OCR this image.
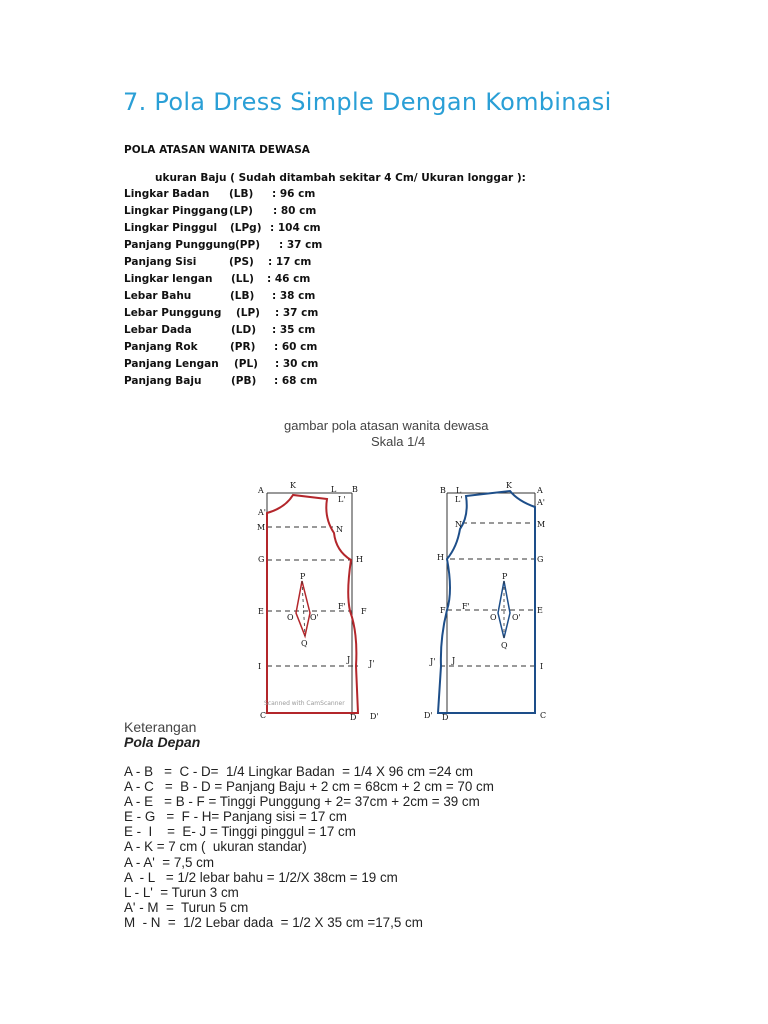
7. Pola Dress Simple Dengan Kombinasi
POLA ATASAN WANITA DEWASA
ukuran Baju ( Sudah ditambah sekitar 4 Cm/ Ukuran longgar ):
Lingkar Badan (LB) : 96 cm
Lingkar Pinggang (LP) : 80 cm
Lingkar Pinggul (LPg) : 104 cm
Panjang Punggung (PP) : 37 cm
Panjang Sisi	(PS) : 17 cm
Lingkar lengan (LL) : 46 cm
Lebar Bahu	(LB) : 38 cm
Lebar Punggung (LP) : 37 cm
Lebar Dada	(LD) : 35 cm
Panjang Rok	(PR) : 60 cm
Panjang Lengan (PL) : 30 cm
Panjang Baju	(PB) : 68 cm
gambar pola atasan wanita dewasa
Skala 1/4
A
K	L B
L'
A'
M	N
G	H
P
E
F'
F
O O'
Q
I
J J'
C	D D'
Scanned with CamScanner
B L
L'
K
A
A'
N	M
H	G
P
F F'	E
O O'
Q
J' J
I
D' D	C
Keterangan
Pola Depan
A - B   =  C - D=  1/4 Lingkar Badan  = 1/4 X 96 cm =24 cm
A - C   =  B - D = Panjang Baju + 2 cm = 68cm + 2 cm = 70 cm
A - E   = B - F = Tinggi Punggung + 2= 37cm + 2cm = 39 cm
E - G   =  F - H= Panjang sisi = 17 cm
E -  I    =  E- J = Tinggi pinggul = 17 cm
A - K = 7 cm (  ukuran standar)
A - A'  = 7,5 cm
A  - L   = 1/2 lebar bahu = 1/2/X 38cm = 19 cm
L - L'  = Turun 3 cm
A' - M  =  Turun 5 cm
M  - N  =  1/2 Lebar dada  = 1/2 X 35 cm =17,5 cm
